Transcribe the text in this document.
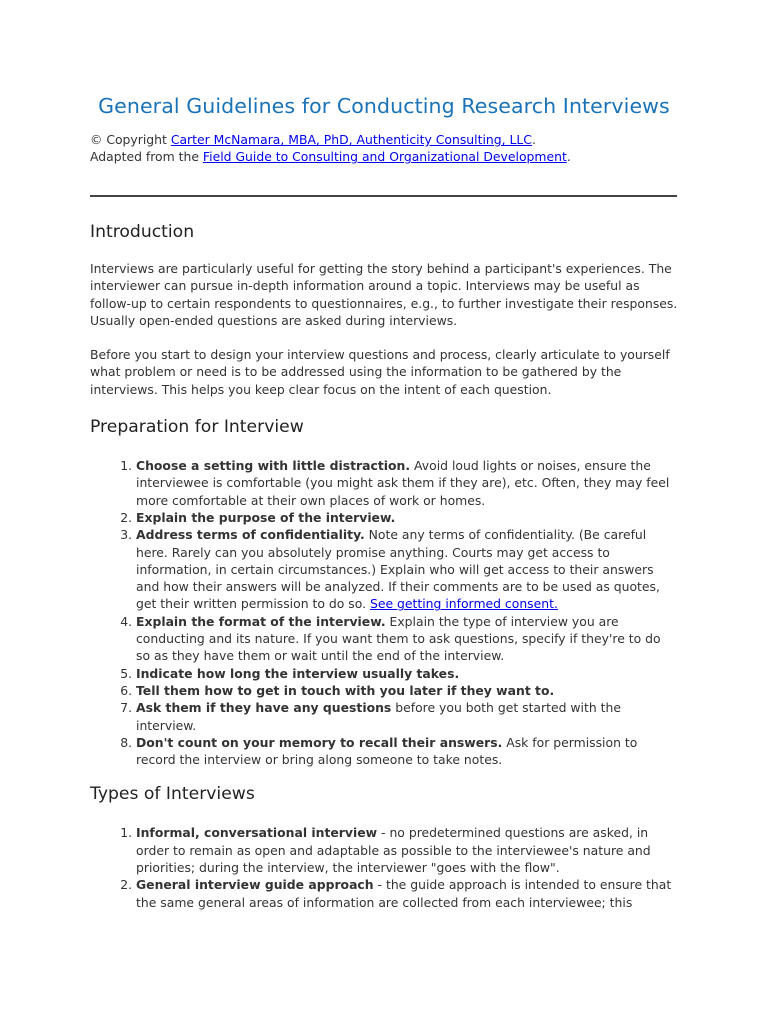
General Guidelines for Conducting Research Interviews
© Copyright Carter McNamara, MBA, PhD, Authenticity Consulting, LLC.
Adapted from the Field Guide to Consulting and Organizational Development.
Introduction

Interviews are particularly useful for getting the story behind a participant's experiences. The interviewer can pursue in-depth information around a topic. Interviews may be useful as follow-up to certain respondents to questionnaires, e.g., to further investigate their responses. Usually open-ended questions are asked during interviews.

Before you start to design your interview questions and process, clearly articulate to yourself what problem or need is to be addressed using the information to be gathered by the interviews. This helps you keep clear focus on the intent of each question.

Preparation for Interview
1. Choose a setting with little distraction. Avoid loud lights or noises, ensure the interviewee is comfortable (you might ask them if they are), etc. Often, they may feel more comfortable at their own places of work or homes.
2. Explain the purpose of the interview.
3. Address terms of confidentiality. Note any terms of confidentiality. (Be careful here. Rarely can you absolutely promise anything. Courts may get access to information, in certain circumstances.) Explain who will get access to their answers and how their answers will be analyzed. If their comments are to be used as quotes, get their written permission to do so. See getting informed consent.
4. Explain the format of the interview. Explain the type of interview you are conducting and its nature. If you want them to ask questions, specify if they're to do so as they have them or wait until the end of the interview.
5. Indicate how long the interview usually takes.
6. Tell them how to get in touch with you later if they want to.
7. Ask them if they have any questions before you both get started with the interview.
8. Don't count on your memory to recall their answers. Ask for permission to record the interview or bring along someone to take notes.
Types of Interviews
1. Informal, conversational interview - no predetermined questions are asked, in order to remain as open and adaptable as possible to the interviewee's nature and priorities; during the interview, the interviewer "goes with the flow".
2. General interview guide approach - the guide approach is intended to ensure that the same general areas of information are collected from each interviewee; this
